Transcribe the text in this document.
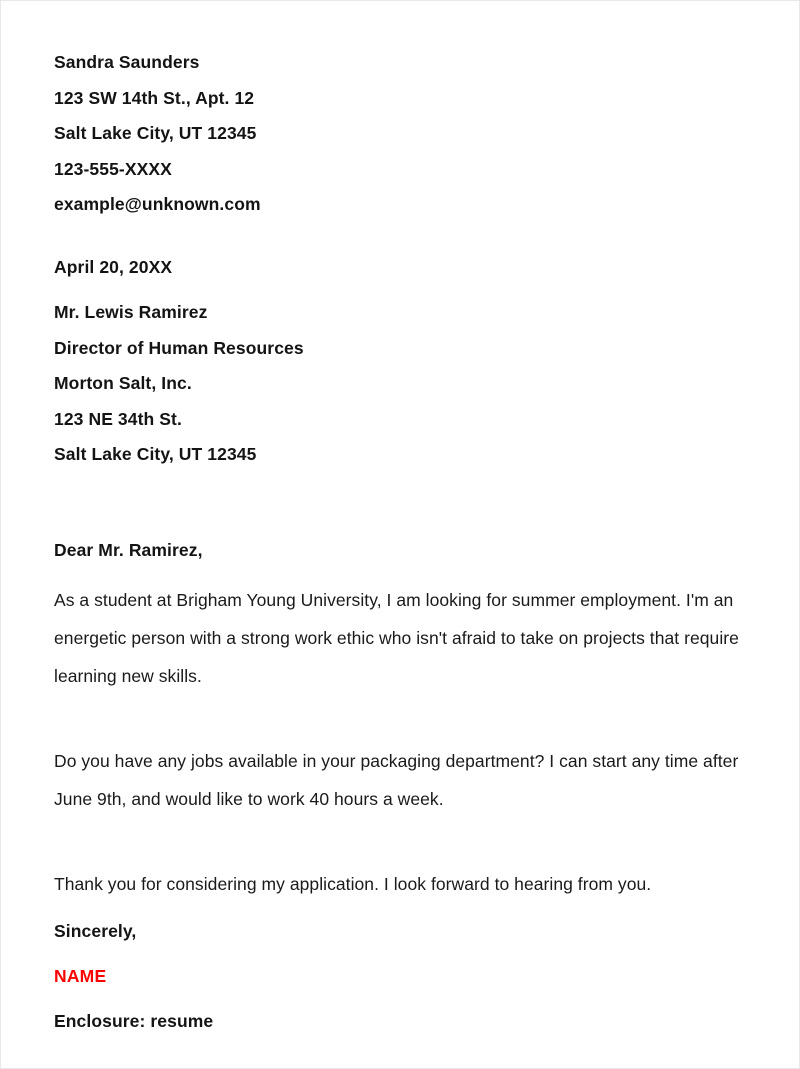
Sandra Saunders
123 SW 14th St., Apt. 12
Salt Lake City, UT 12345
123-555-XXXX
example@unknown.com
April 20, 20XX
Mr. Lewis Ramirez
Director of Human Resources
Morton Salt, Inc.
123 NE 34th St.
Salt Lake City, UT 12345
Dear Mr. Ramirez,
As a student at Brigham Young University, I am looking for summer employment. I'm an energetic person with a strong work ethic who isn't afraid to take on projects that require learning new skills.
Do you have any jobs available in your packaging department? I can start any time after June 9th, and would like to work 40 hours a week.
Thank you for considering my application. I look forward to hearing from you.
Sincerely,
NAME
Enclosure: resume
